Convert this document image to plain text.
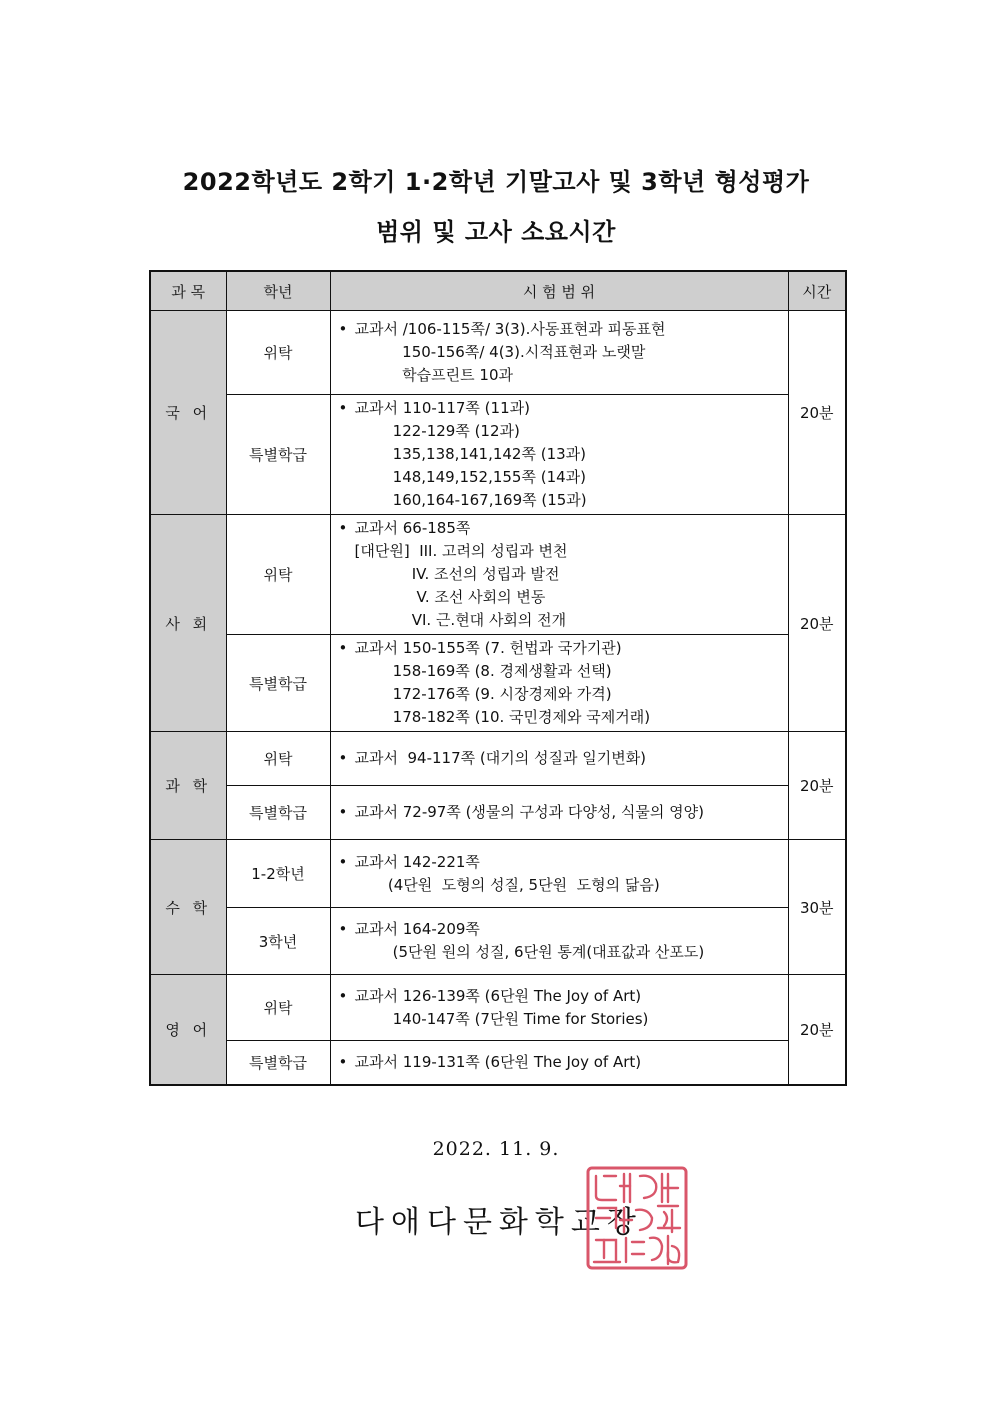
2022학년도 2학기 1·2학년 기말고사 및 3학년 형성평가
범위 및 고사 소요시간
과 목	학년	시 험 범 위	시간
국 어	위탁	• 교과서 /106-115쪽/ 3(3).사동표현과 피동표현
150-156쪽/ 4(3).시적표현과 노랫말
학습프린트 10과	20분
	특별학급	• 교과서 110-117쪽 (11과)
122-129쪽 (12과)
135,138,141,142쪽 (13과)
148,149,152,155쪽 (14과)
160,164-167,169쪽 (15과)	

사 회	위탁	• 교과서 66-185쪽
[대단원]  III. 고려의 성립과 변천
IV. 조선의 성립과 발전
V. 조선 사회의 변동
VI. 근.현대 사회의 전개	20분
	특별학급	• 교과서 150-155쪽 (7. 헌법과 국가기관)
158-169쪽 (8. 경제생활과 선택)
172-176쪽 (9. 시장경제와 가격)
178-182쪽 (10. 국민경제와 국제거래)	

과 학	위탁	• 교과서  94-117쪽 (대기의 성질과 일기변화)	20분
	특별학급	• 교과서 72-97쪽 (생물의 구성과 다양성, 식물의 영양)	

수 학	1-2학년	• 교과서 142-221쪽
(4단원  도형의 성질, 5단원  도형의 닮음)	30분
	3학년	• 교과서 164-209쪽
(5단원 원의 성질, 6단원 통계(대표값과 산포도)	

영 어	위탁	• 교과서 126-139쪽 (6단원 The Joy of Art)
140-147쪽 (7단원 Time for Stories)	20분
	특별학급	• 교과서 119-131쪽 (6단원 The Joy of Art)	
2022. 11. 9.
다애다문화학교장
